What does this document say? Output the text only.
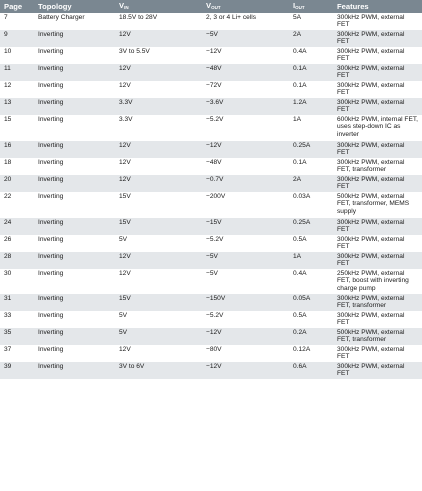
Page	Topology	$V_{IN}$	$V_{OUT}$	$I_{OUT}$	Features
7	Battery Charger	18.5V to 28V	2, 3 or 4 Li+ cells	5A	300kHz PWM, external FET
9	Inverting	12V	−5V	2A	300kHz PWM, external FET
10	Inverting	3V to 5.5V	−12V	0.4A	300kHz PWM, external FET
11	Inverting	12V	−48V	0.1A	300kHz PWM, external FET
12	Inverting	12V	−72V	0.1A	300kHz PWM, external FET
13	Inverting	3.3V	−3.6V	1.2A	300kHz PWM, external FET
15	Inverting	3.3V	−5.2V	1A	600kHz PWM, internal FET, uses step-down IC as inverter
16	Inverting	12V	−12V	0.25A	300kHz PWM, external FET
18	Inverting	12V	−48V	0.1A	300kHz PWM, external FET, transformer
20	Inverting	12V	−0.7V	2A	300kHz PWM, external FET
22	Inverting	15V	−200V	0.03A	500kHz PWM, external FET, transformer, MEMS supply
24	Inverting	15V	−15V	0.25A	300kHz PWM, external FET
26	Inverting	5V	−5.2V	0.5A	300kHz PWM, external FET
28	Inverting	12V	−5V	1A	300kHz PWM, external FET
30	Inverting	12V	−5V	0.4A	250kHz PWM, external FET, boost with inverting charge pump
31	Inverting	15V	−150V	0.05A	300kHz PWM, external FET, transformer
33	Inverting	5V	−5.2V	0.5A	300kHz PWM, external FET
35	Inverting	5V	−12V	0.2A	500kHz PWM, external FET, transformer
37	Inverting	12V	−80V	0.12A	300kHz PWM, external FET
39	Inverting	3V to 6V	−12V	0.6A	300kHz PWM, external FET
